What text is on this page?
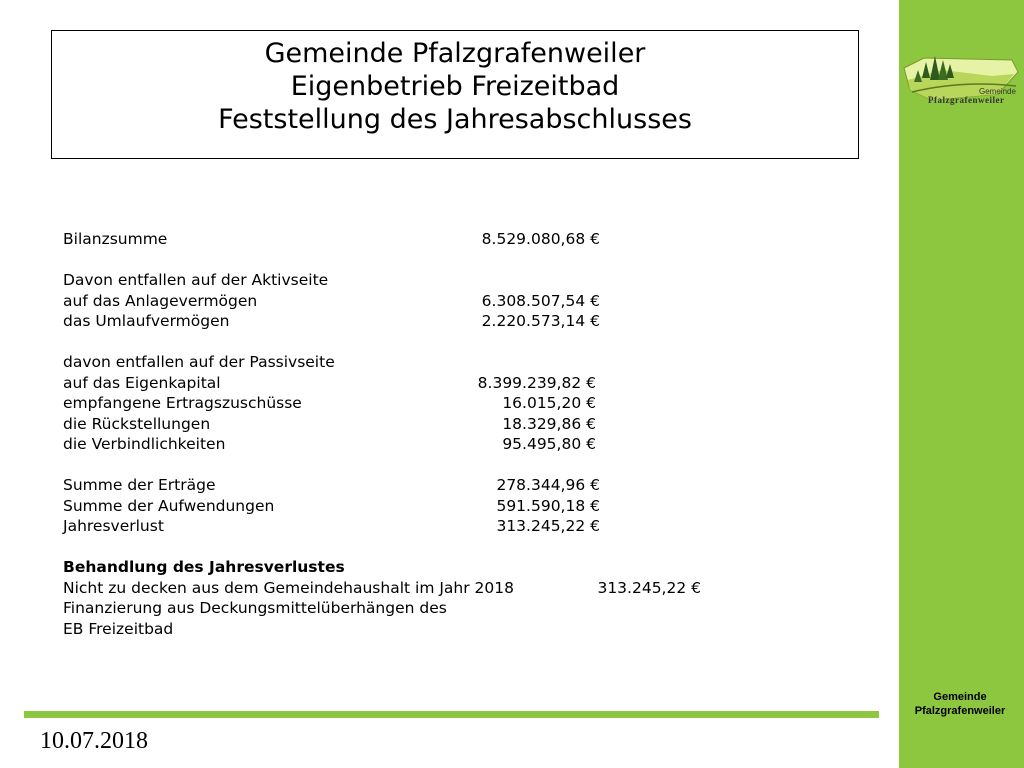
Gemeinde
Pfalzgrafenweiler
Gemeinde Pfalzgrafenweiler
Eigenbetrieb Freizeitbad
Feststellung des Jahresabschlusses
Bilanzsumme	8.529.080,68 €
Davon entfallen auf der Aktivseite
auf das Anlagevermögen	6.308.507,54 €
das Umlaufvermögen	2.220.573,14 €
davon entfallen auf der Passivseite
auf das Eigenkapital	8.399.239,82 €
empfangene Ertragszuschüsse	16.015,20 €
die Rückstellungen	18.329,86 €
die Verbindlichkeiten	95.495,80 €
Summe der Erträge	278.344,96 €
Summe der Aufwendungen	591.590,18 €
Jahresverlust	313.245,22 €
Behandlung des Jahresverlustes
Nicht zu decken aus dem Gemeindehaushalt im Jahr 2018	313.245,22 €
Finanzierung aus Deckungsmittelüberhängen des
EB Freizeitbad
10.07.2018
Gemeinde
Pfalzgrafenweiler
